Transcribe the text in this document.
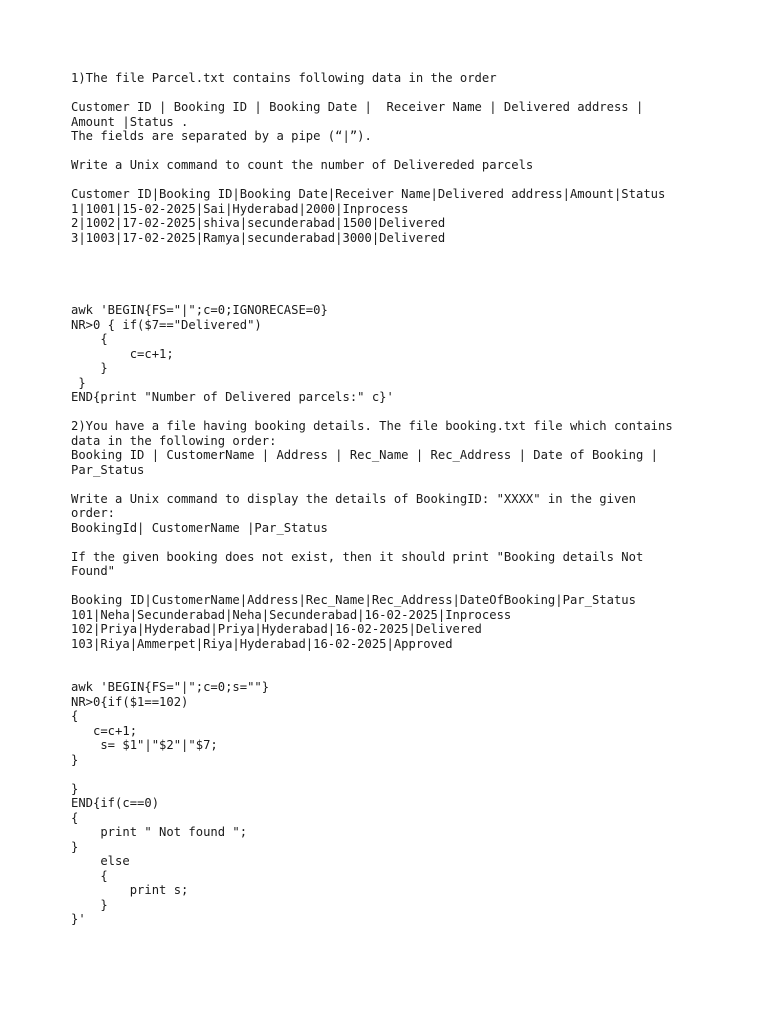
1)The file Parcel.txt contains following data in the order
Customer ID | Booking ID | Booking Date |  Receiver Name | Delivered address |
Amount |Status .
The fields are separated by a pipe (“|”).
Write a Unix command to count the number of Delivereded parcels
Customer ID|Booking ID|Booking Date|Receiver Name|Delivered address|Amount|Status
1|1001|15-02-2025|Sai|Hyderabad|2000|Inprocess
2|1002|17-02-2025|shiva|secunderabad|1500|Delivered
3|1003|17-02-2025|Ramya|secunderabad|3000|Delivered
awk 'BEGIN{FS="|";c=0;IGNORECASE=0}
NR>0 { if($7=="Delivered")
{
c=c+1;
}
}
END{print "Number of Delivered parcels:" c}'
2)You have a file having booking details. The file booking.txt file which contains
data in the following order:
Booking ID | CustomerName | Address | Rec_Name | Rec_Address | Date of Booking |
Par_Status
Write a Unix command to display the details of BookingID: "XXXX" in the given
order:
BookingId| CustomerName |Par_Status
If the given booking does not exist, then it should print "Booking details Not
Found"
Booking ID|CustomerName|Address|Rec_Name|Rec_Address|DateOfBooking|Par_Status
101|Neha|Secunderabad|Neha|Secunderabad|16-02-2025|Inprocess
102|Priya|Hyderabad|Priya|Hyderabad|16-02-2025|Delivered
103|Riya|Ammerpet|Riya|Hyderabad|16-02-2025|Approved
awk 'BEGIN{FS="|";c=0;s=""}
NR>0{if($1==102)
{
c=c+1;
s= $1"|"$2"|"$7;
}
}
END{if(c==0)
{
print " Not found ";
}
else
{
print s;
}
}'
